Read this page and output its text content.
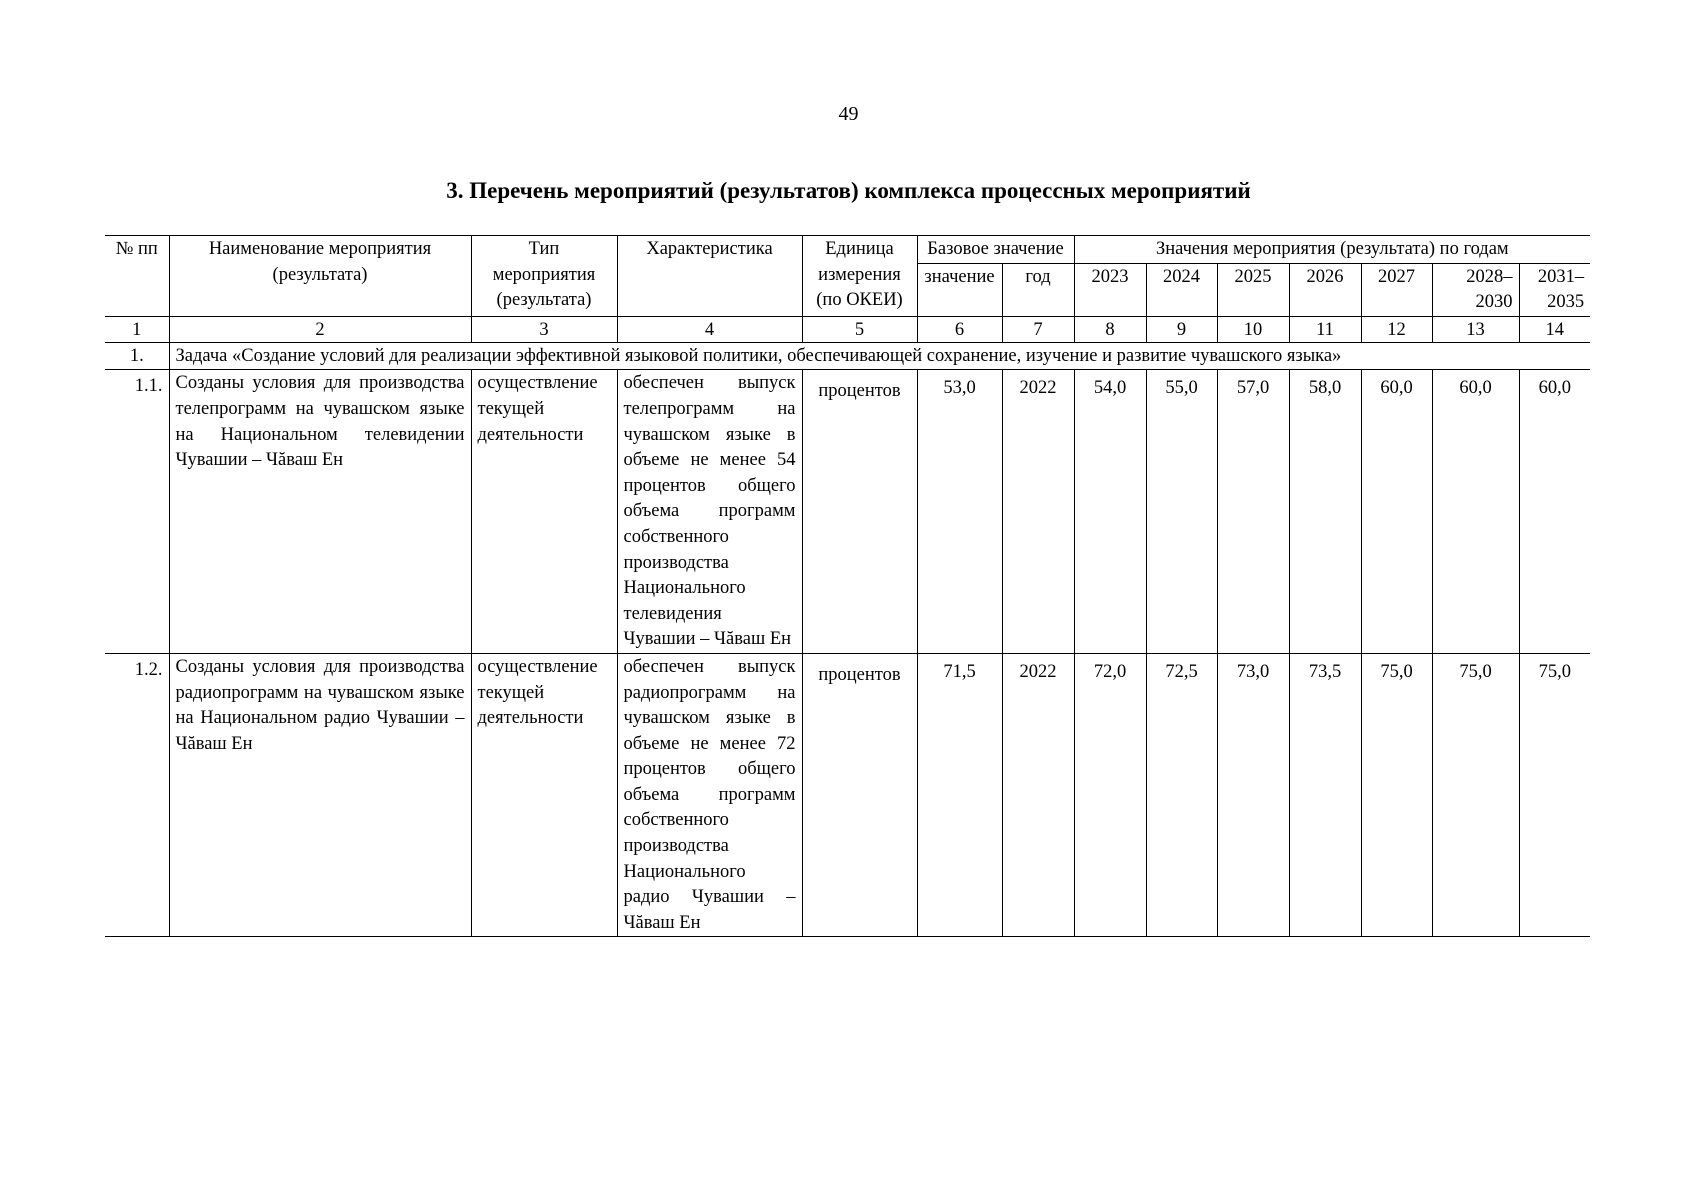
49
3. Перечень мероприятий (результатов) комплекса процессных мероприятий
№ пп	Наименование мероприятия (результата)	Тип мероприятия (результата)	Характеристика	Единица измерения (по ОКЕИ)	Базовое значение		Значения мероприятия (результата) по годам						
					значение	год	2023	2024	2025	2026	2027	2028–2030	2031–2035
1	2	3	4	5	6	7	8	9	10	11	12	13	14
1.	Задача «Создание условий для реализации эффективной языковой политики, обеспечивающей сохранение, изучение и развитие чувашского языка»												
1.1.	Созданы условия для производства телепрограмм на чувашском языке на Национальном телевидении Чувашии – Чăваш Ен	осуществление текущей деятельности	обеспечен выпуск телепрограмм на чувашском языке в объеме не менее 54 процентов общего объема программ собственного производства Национального телевидения Чувашии – Чăваш Ен	процентов	53,0	2022	54,0	55,0	57,0	58,0	60,0	60,0	60,0
1.2.	Созданы условия для производства радиопрограмм на чувашском языке на Национальном радио Чувашии – Чăваш Ен	осуществление текущей деятельности	обеспечен выпуск радиопрограмм на чувашском языке в объеме не менее 72 процентов общего объема программ собственного производства Национального радио Чувашии – Чăваш Ен	процентов	71,5	2022	72,0	72,5	73,0	73,5	75,0	75,0	75,0
